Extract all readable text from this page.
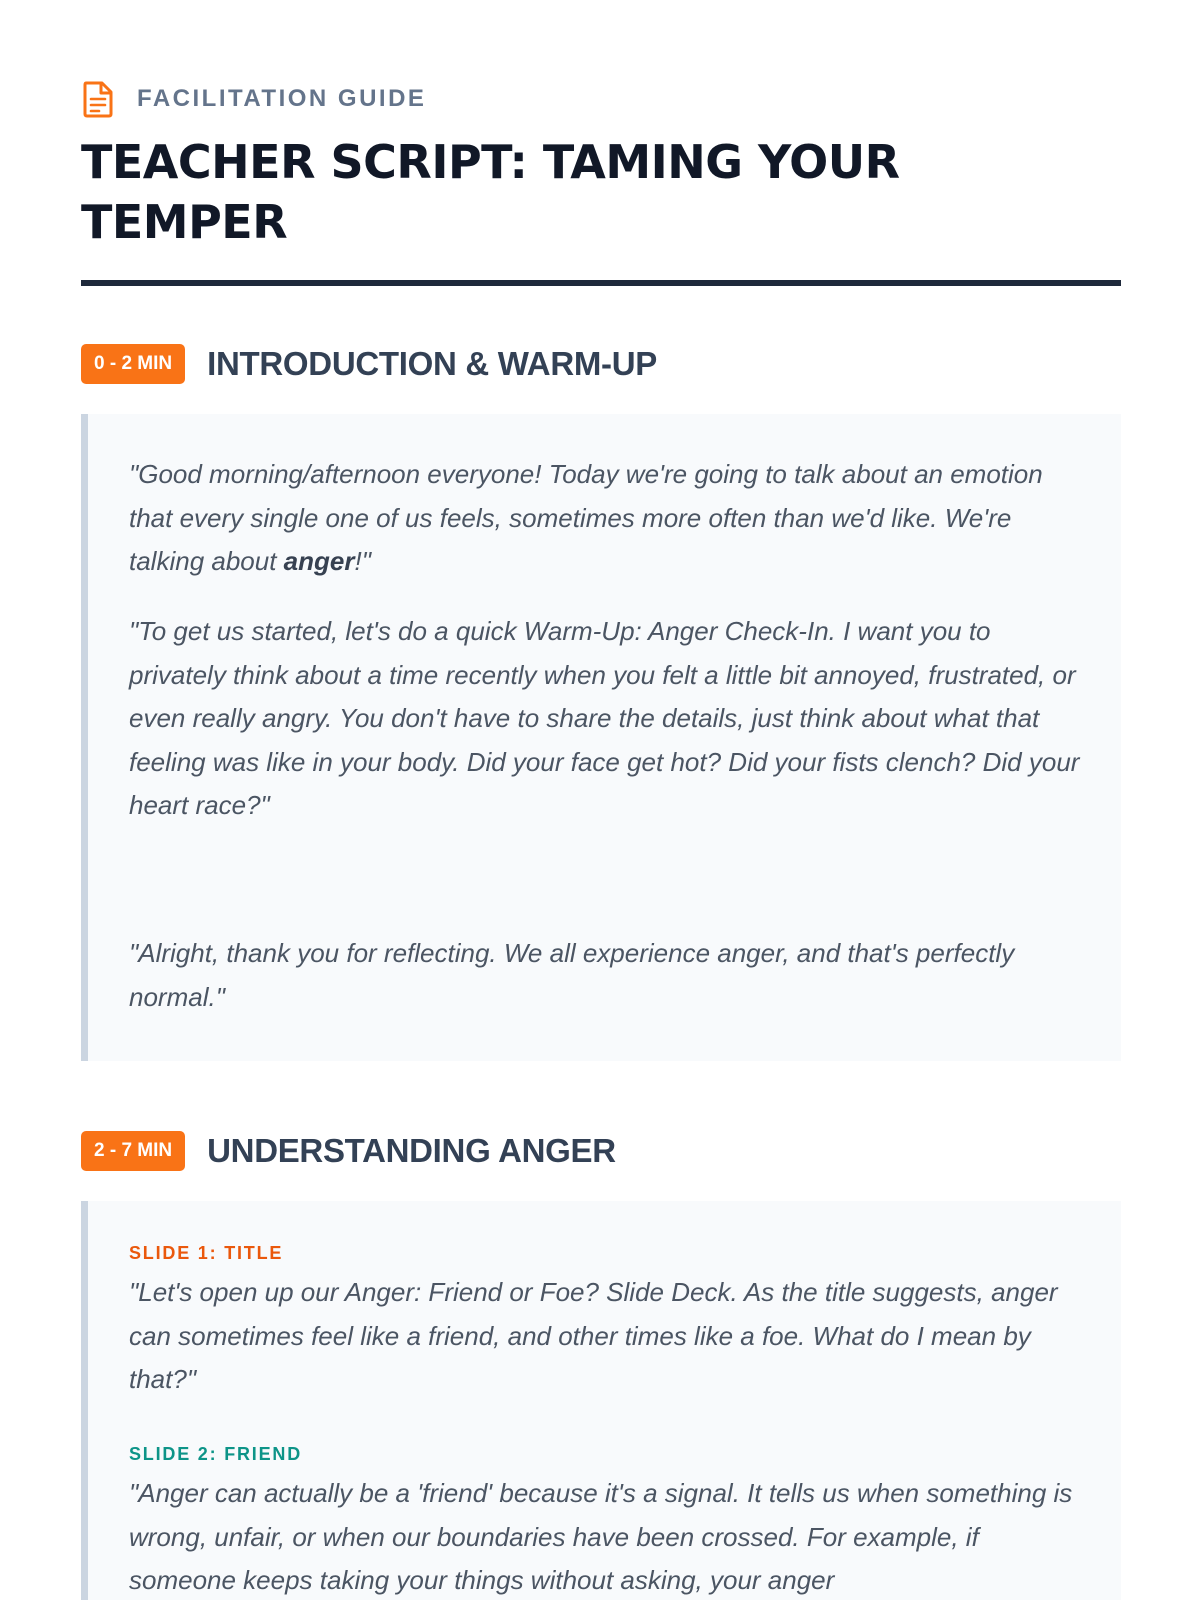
FACILITATION GUIDE
TEACHER SCRIPT: TAMING YOUR TEMPER
0 - 2 MIN	INTRODUCTION & WARM-UP

"Good morning/afternoon everyone! Today we're going to talk about an emotion that every single one of us feels, sometimes more often than we'd like. We're talking about anger!"

"To get us started, let's do a quick Warm-Up: Anger Check-In. I want you to privately think about a time recently when you felt a little bit annoyed, frustrated, or even really angry. You don't have to share the details, just think about what that feeling was like in your body. Did your face get hot? Did your fists clench? Did your heart race?"

"Alright, thank you for reflecting. We all experience anger, and that's perfectly normal."

2 - 7 MIN	UNDERSTANDING ANGER

SLIDE 1: TITLE

"Let's open up our Anger: Friend or Foe? Slide Deck. As the title suggests, anger can sometimes feel like a friend, and other times like a foe. What do I mean by that?"

SLIDE 2: FRIEND

"Anger can actually be a 'friend' because it's a signal. It tells us when something is wrong, unfair, or when our boundaries have been crossed. For example, if someone keeps taking your things without asking, your anger
